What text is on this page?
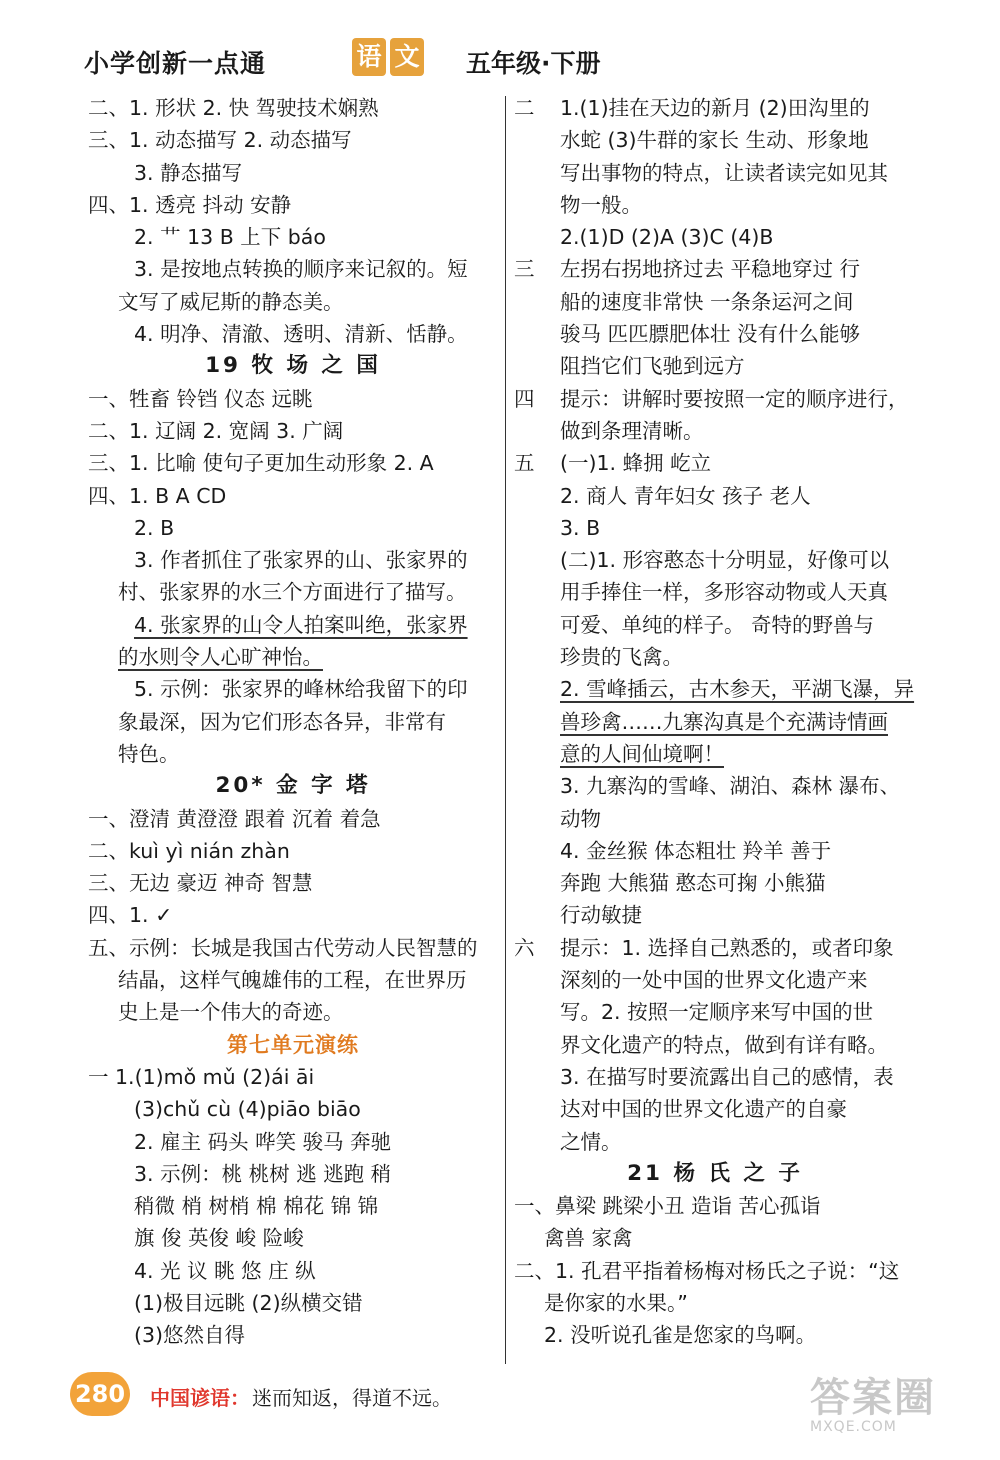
小学创新一点通	语 文 五年级·下册
二、1. 形状 2. 快 驾驶技术娴熟
三、1. 动态描写 2. 动态描写
3. 静态描写
四、1. 透亮 抖动 安静
2. 艹 13 B 上下 báo
3. 是按地点转换的顺序来记叙的。短
文写了威尼斯的静态美。
4. 明净、清澈、透明、清新、恬静。
19 牧 场 之 国
一、牲畜 铃铛 仪态 远眺
二、1. 辽阔 2. 宽阔 3. 广阔
三、1. 比喻 使句子更加生动形象 2. A
四、1. B A CD
2. B
3. 作者抓住了张家界的山、张家界的
村、张家界的水三个方面进行了描写。
4. 张家界的山令人拍案叫绝，张家界
的水则令人心旷神怡。
5. 示例：张家界的峰林给我留下的印
象最深，因为它们形态各异，非常有
特色。
20* 金 字 塔
一、澄清 黄澄澄 跟着 沉着 着急
二、kuì yì nián zhàn
三、无边 豪迈 神奇 智慧
四、1. ✓
五、示例：长城是我国古代劳动人民智慧的
结晶，这样气魄雄伟的工程，在世界历
史上是一个伟大的奇迹。
第七单元演练
一 1.(1)mǒ mǔ (2)ái āi
(3)chǔ cù (4)piāo biāo
2. 雇主 码头 哗笑 骏马 奔驰
3. 示例：桃 桃树 逃 逃跑 稍
稍微 梢 树梢 棉 棉花 锦 锦
旗 俊 英俊 峻 险峻
4. 光 议 眺 悠 庄 纵
(1)极目远眺 (2)纵横交错
(3)悠然自得
二 1.(1)挂在天边的新月 (2)田沟里的
水蛇 (3)牛群的家长 生动、形象地
写出事物的特点，让读者读完如见其
物一般。
2.(1)D (2)A (3)C (4)B
三 左拐右拐地挤过去 平稳地穿过 行
船的速度非常快 一条条运河之间
骏马 匹匹膘肥体壮 没有什么能够
阻挡它们飞驰到远方
四 提示：讲解时要按照一定的顺序进行，
做到条理清晰。
五 (一)1. 蜂拥 屹立
2. 商人 青年妇女 孩子 老人
3. B
(二)1. 形容憨态十分明显，好像可以
用手捧住一样，多形容动物或人天真
可爱、单纯的样子。 奇特的野兽与
珍贵的飞禽。
2. 雪峰插云，古木参天，平湖飞瀑，异
兽珍禽……九寨沟真是个充满诗情画
意的人间仙境啊！
3. 九寨沟的雪峰、湖泊、森林 瀑布、
动物
4. 金丝猴 体态粗壮 羚羊 善于
奔跑 大熊猫 憨态可掬 小熊猫
行动敏捷
六 提示：1. 选择自己熟悉的，或者印象
深刻的一处中国的世界文化遗产来
写。2. 按照一定顺序来写中国的世
界文化遗产的特点，做到有详有略。
3. 在描写时要流露出自己的感情，表
达对中国的世界文化遗产的自豪
之情。
21 杨 氏 之 子
一、鼻梁 跳梁小丑 造诣 苦心孤诣
禽兽 家禽
二、1. 孔君平指着杨梅对杨氏之子说：“这
是你家的水果。”
2. 没听说孔雀是您家的鸟啊。
280 中国谚语： 迷而知返，得道不远。	答案圈
MXQE.COM
